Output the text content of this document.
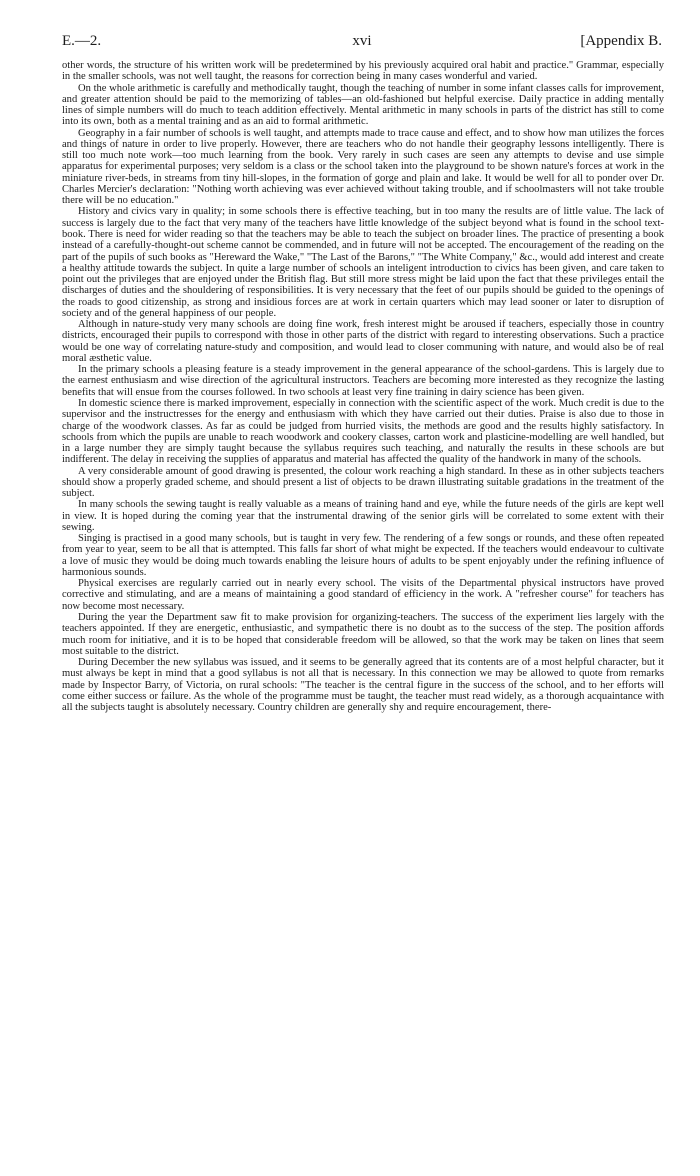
E.—2.	xvi	[Appendix B.

other words, the structure of his written work will be predetermined by his previously acquired oral habit and practice." Grammar, especially in the smaller schools, was not well taught, the reasons for correction being in many cases wonderful and varied.

On the whole arithmetic is carefully and methodically taught, though the teaching of number in some infant classes calls for improvement, and greater attention should be paid to the memorizing of tables—an old-fashioned but helpful exercise. Daily practice in adding mentally lines of simple numbers will do much to teach addition effectively. Mental arithmetic in many schools in parts of the district has still to come into its own, both as a mental training and as an aid to formal arithmetic.

Geography in a fair number of schools is well taught, and attempts made to trace cause and effect, and to show how man utilizes the forces and things of nature in order to live properly. However, there are teachers who do not handle their geography lessons intelligently. There is still too much note work—too much learning from the book. Very rarely in such cases are seen any attempts to devise and use simple apparatus for experimental purposes; very seldom is a class or the school taken into the playground to be shown nature's forces at work in the miniature river-beds, in streams from tiny hill-slopes, in the formation of gorge and plain and lake. It would be well for all to ponder over Dr. Charles Mercier's declaration: "Nothing worth achieving was ever achieved without taking trouble, and if schoolmasters will not take trouble there will be no education."

History and civics vary in quality; in some schools there is effective teaching, but in too many the results are of little value. The lack of success is largely due to the fact that very many of the teachers have little knowledge of the subject beyond what is found in the school text-book. There is need for wider reading so that the teachers may be able to teach the subject on broader lines. The practice of presenting a book instead of a carefully-thought-out scheme cannot be commended, and in future will not be accepted. The encouragement of the reading on the part of the pupils of such books as "Hereward the Wake," "The Last of the Barons," "The White Company," &c., would add interest and create a healthy attitude towards the subject. In quite a large number of schools an inteligent introduction to civics has been given, and care taken to point out the privileges that are enjoyed under the British flag. But still more stress might be laid upon the fact that these privileges entail the discharges of duties and the shouldering of responsibilities. It is very necessary that the feet of our pupils should be guided to the openings of the roads to good citizenship, as strong and insidious forces are at work in certain quarters which may lead sooner or later to disruption of society and of the general happiness of our people.

Although in nature-study very many schools are doing fine work, fresh interest might be aroused if teachers, especially those in country districts, encouraged their pupils to correspond with those in other parts of the district with regard to interesting observations. Such a practice would be one way of correlating nature-study and composition, and would lead to closer communing with nature, and would also be of real moral æsthetic value.

In the primary schools a pleasing feature is a steady improvement in the general appearance of the school-gardens. This is largely due to the earnest enthusiasm and wise direction of the agricultural instructors. Teachers are becoming more interested as they recognize the lasting benefits that will ensue from the courses followed. In two schools at least very fine training in dairy science has been given.

In domestic science there is marked improvement, especially in connection with the scientific aspect of the work. Much credit is due to the supervisor and the instructresses for the energy and enthusiasm with which they have carried out their duties. Praise is also due to those in charge of the woodwork classes. As far as could be judged from hurried visits, the methods are good and the results highly satisfactory. In schools from which the pupils are unable to reach woodwork and cookery classes, carton work and plasticine-modelling are well handled, but in a large number they are simply taught because the syllabus requires such teaching, and naturally the results in these schools are but indifferent. The delay in receiving the supplies of apparatus and material has affected the quality of the handwork in many of the schools.

A very considerable amount of good drawing is presented, the colour work reaching a high standard. In these as in other subjects teachers should show a properly graded scheme, and should present a list of objects to be drawn illustrating suitable gradations in the treatment of the subject.

In many schools the sewing taught is really valuable as a means of training hand and eye, while the future needs of the girls are kept well in view. It is hoped during the coming year that the instrumental drawing of the senior girls will be correlated to some extent with their sewing.

Singing is practised in a good many schools, but is taught in very few. The rendering of a few songs or rounds, and these often repeated from year to year, seem to be all that is attempted. This falls far short of what might be expected. If the teachers would endeavour to cultivate a love of music they would be doing much towards enabling the leisure hours of adults to be spent enjoyably under the refining influence of harmonious sounds.

Physical exercises are regularly carried out in nearly every school. The visits of the Departmental physical instructors have proved corrective and stimulating, and are a means of maintaining a good standard of efficiency in the work. A "refresher course" for teachers has now become most necessary.

During the year the Department saw fit to make provision for organizing-teachers. The success of the experiment lies largely with the teachers appointed. If they are energetic, enthusiastic, and sympathetic there is no doubt as to the success of the step. The position affords much room for initiative, and it is to be hoped that considerable freedom will be allowed, so that the work may be taken on lines that seem most suitable to the district.

During December the new syllabus was issued, and it seems to be generally agreed that its contents are of a most helpful character, but it must always be kept in mind that a good syllabus is not all that is necessary. In this connection we may be allowed to quote from remarks made by Inspector Barry, of Victoria, on rural schools: "The teacher is the central figure in the success of the school, and to her efforts will come either success or failure. As the whole of the programme must be taught, the teacher must read widely, as a thorough acquaintance with all the subjects taught is absolutely necessary. Country children are generally shy and require encouragement, there-
